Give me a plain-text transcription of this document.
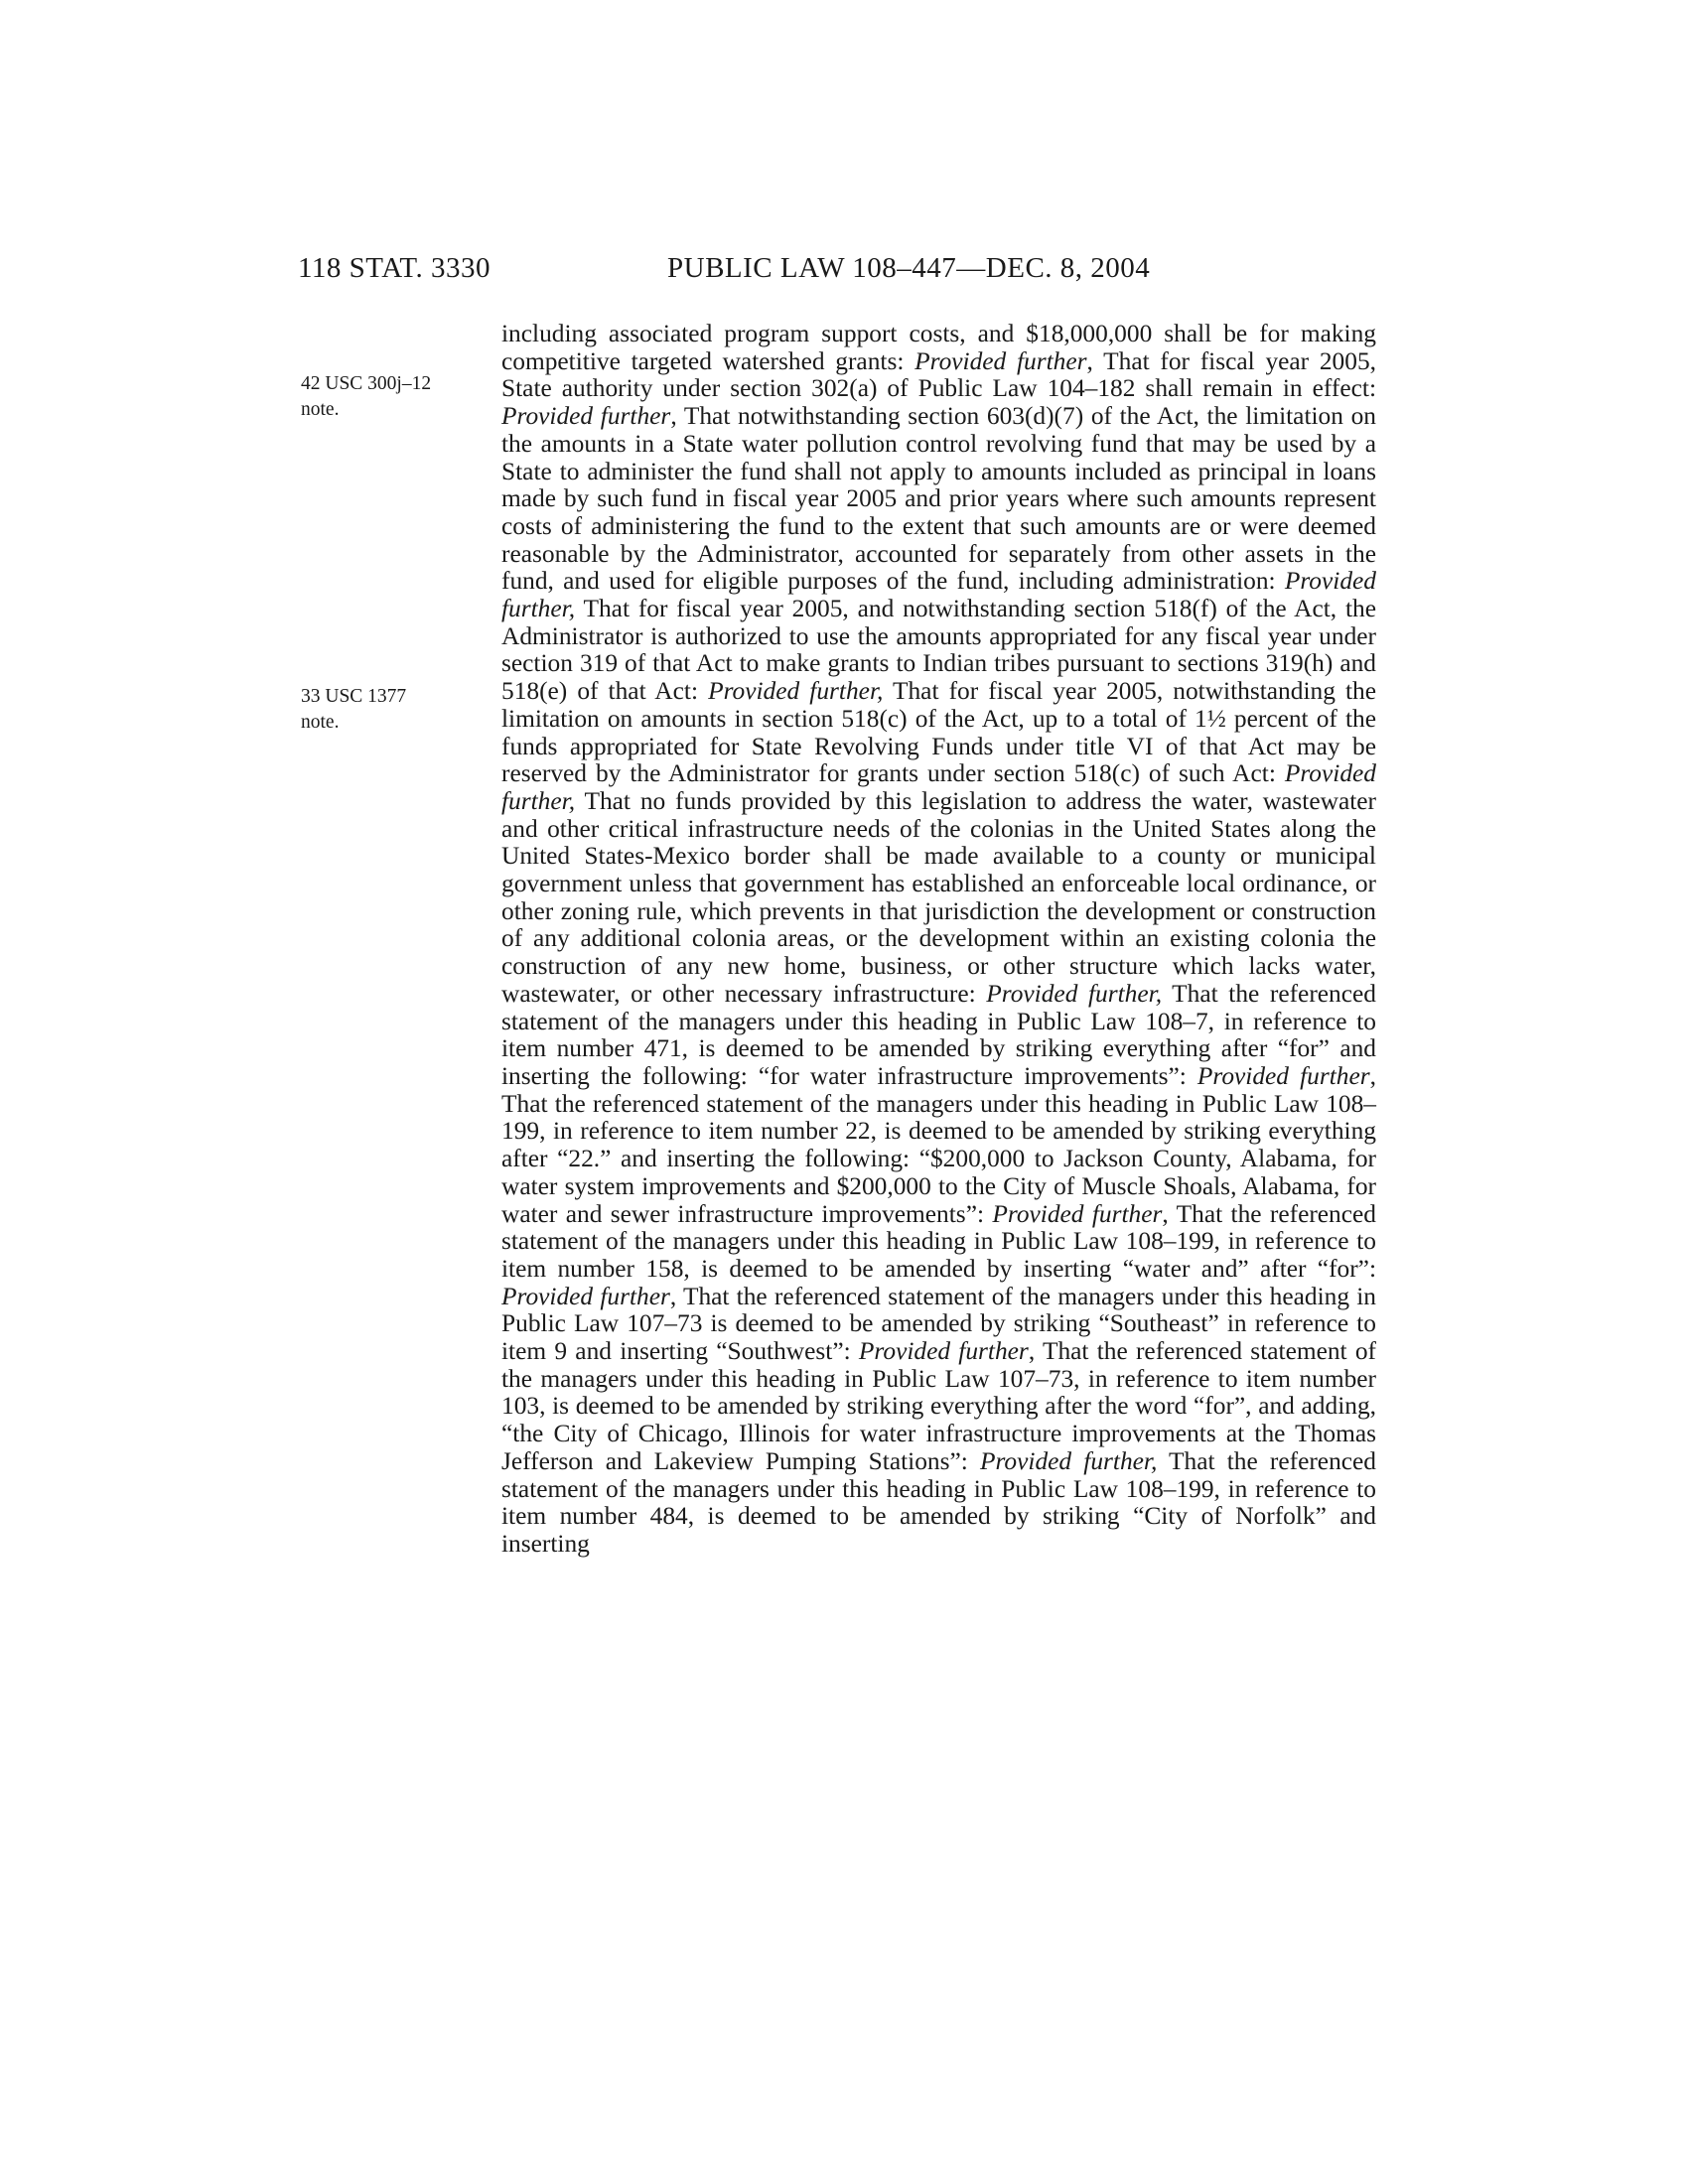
118 STAT. 3330	PUBLIC LAW 108–447—DEC. 8, 2004
42 USC 300j–12
note.
33 USC 1377
note.

including associated program support costs, and $18,000,000 shall be for making competitive targeted watershed grants: Provided further, That for fiscal year 2005, State authority under section 302(a) of Public Law 104–182 shall remain in effect: Provided further, That notwithstanding section 603(d)(7) of the Act, the limitation on the amounts in a State water pollution control revolving fund that may be used by a State to administer the fund shall not apply to amounts included as principal in loans made by such fund in fiscal year 2005 and prior years where such amounts represent costs of administering the fund to the extent that such amounts are or were deemed reasonable by the Administrator, accounted for separately from other assets in the fund, and used for eligible purposes of the fund, including administration: Provided further, That for fiscal year 2005, and notwithstanding section 518(f) of the Act, the Administrator is authorized to use the amounts appropriated for any fiscal year under section 319 of that Act to make grants to Indian tribes pursuant to sections 319(h) and 518(e) of that Act: Provided further, That for fiscal year 2005, notwithstanding the limitation on amounts in section 518(c) of the Act, up to a total of 1½ percent of the funds appropriated for State Revolving Funds under title VI of that Act may be reserved by the Administrator for grants under section 518(c) of such Act: Provided further, That no funds provided by this legislation to address the water, wastewater and other critical infrastructure needs of the colonias in the United States along the United States-Mexico border shall be made available to a county or municipal government unless that government has established an enforceable local ordinance, or other zoning rule, which prevents in that jurisdiction the development or construction of any additional colonia areas, or the development within an existing colonia the construction of any new home, business, or other structure which lacks water, wastewater, or other necessary infrastructure: Provided further, That the referenced statement of the managers under this heading in Public Law 108–7, in reference to item number 471, is deemed to be amended by striking everything after “for” and inserting the following: “for water infrastructure improvements”: Provided further, That the referenced statement of the managers under this heading in Public Law 108–199, in reference to item number 22, is deemed to be amended by striking everything after “22.” and inserting the following: “$200,000 to Jackson County, Alabama, for water system improvements and $200,000 to the City of Muscle Shoals, Alabama, for water and sewer infrastructure improvements”: Provided further, That the referenced statement of the managers under this heading in Public Law 108–199, in reference to item number 158, is deemed to be amended by inserting “water and” after “for”: Provided further, That the referenced statement of the managers under this heading in Public Law 107–73 is deemed to be amended by striking “Southeast” in reference to item 9 and inserting “Southwest”: Provided further, That the referenced statement of the managers under this heading in Public Law 107–73, in reference to item number 103, is deemed to be amended by striking everything after the word “for”, and adding, “the City of Chicago, Illinois for water infrastructure improvements at the Thomas Jefferson and Lakeview Pumping Stations”: Provided further, That the referenced statement of the managers under this heading in Public Law 108–199, in reference to item number 484, is deemed to be amended by striking “City of Norfolk” and inserting
